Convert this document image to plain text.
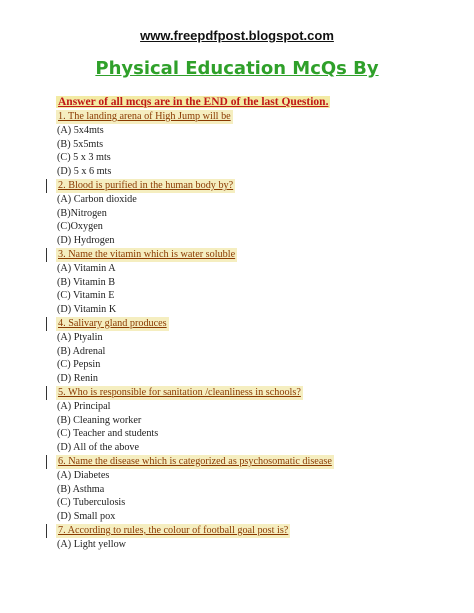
www.freepdfpost.blogspot.com
Physical Education McQs By
Answer of all mcqs are in the END of the last Question.
1. The landing arena of High Jump will be
(A) 5x4mts
(B) 5x5mts
(C) 5 x 3 mts
(D) 5 x 6 mts
2. Blood is purified in the human body by?
(A) Carbon dioxide
(B)Nitrogen
(C)Oxygen
(D) Hydrogen
3. Name the vitamin which is water soluble
(A) Vitamin A
(B) Vitamin B
(C) Vitamin E
(D) Vitamin K
4. Salivary gland produces
(A) Ptyalin
(B) Adrenal
(C) Pepsin
(D) Renin
5. Who is responsible for sanitation /cleanliness in schools?
(A) Principal
(B) Cleaning worker
(C) Teacher and students
(D) All of the above
6. Name the disease which is categorized as psychosomatic disease
(A) Diabetes
(B) Asthma
(C) Tuberculosis
(D) Small pox
7. According to rules, the colour of football goal post is?
(A) Light yellow
